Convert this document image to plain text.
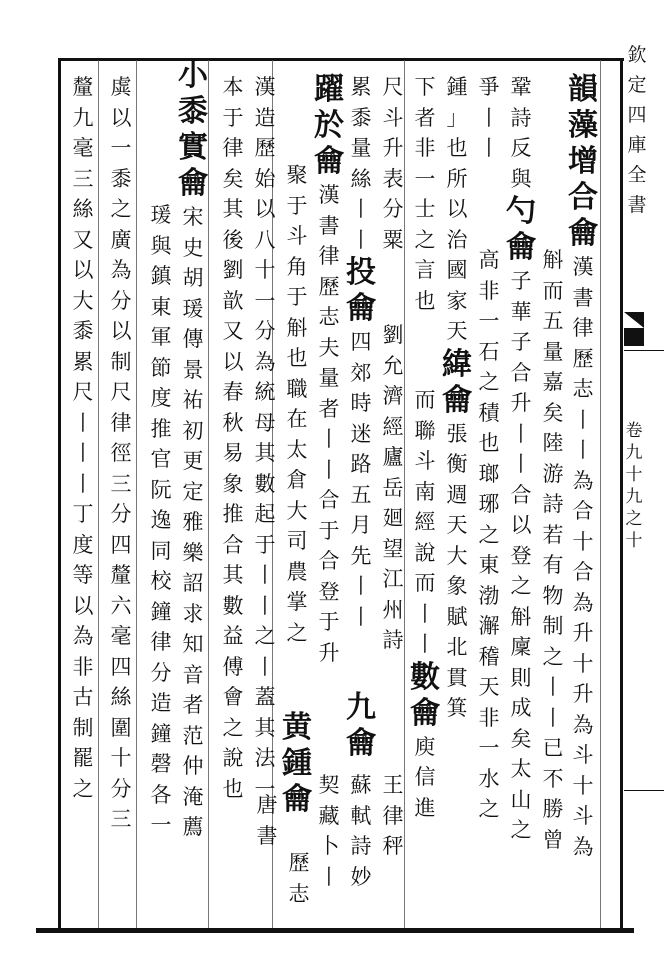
欽定四庫全書
卷九十九之十
韻
藻
增
合
龠
漢
書
律
歷
志
丨
丨
為
合
十
合
為
升
十
升
為
斗
十
斗
為
斛
而
五
量
嘉
矣
陸
游
詩
若
有
物
制
之
丨
丨
已
不
勝
曾
鞏
詩
反
與
勺
龠
子
華
子
合
升
丨
丨
合
以
登
之
斛
廩
則
成
矣
太
山
之
爭
丨
丨
高
非
一
石
之
積
也
瑯
琊
之
東
渤
澥
稽
天
非
一
水
之
鍾
」
也
所
以
治
國
家
天
緯
龠
張
衡
週
天
大
象
賦
北
貫
箕
下
者
非
一
士
之
言
也
而
聯
斗
南
經
說
而
丨
丨
數
龠
庾
信
進
尺
斗
升
表
分
粟
劉
允
濟
經
廬
岳
廻
望
江
州
詩
王
律
秤
累
黍
量
絲
丨
丨
投
龠
四
郊
時
迷
路
五
月
先
丨
丨
九
龠
躍
於
龠
漢
書
律
歷
志
夫
量
者
丨
丨
合
于
合
登
于
升
蘇
軾
詩
妙
契
藏
卜
丨
聚
于
斗
角
于
斛
也
職
在
太
倉
大
司
農
掌
之
黄
鍾
龠
漢
造
歷
始
以
八
十
一
分
為
統
母
其
數
起
于
丨
丨
之
丨
蓋
其
法
一
唐
書
歷
志
本
于
律
矣
其
後
劉
歆
又
以
春
秋
易
象
推
合
其
數
益
傅
會
之
說
也
小
黍
實
龠
宋
史
胡
瑗
傳
景
祐
初
更
定
雅
樂
詔
求
知
音
者
范
仲
淹
薦
瑗
與
鎮
東
軍
節
度
推
官
阮
逸
同
校
鐘
律
分
造
鐘
磬
各
一
虡
以
一
黍
之
廣
為
分
以
制
尺
律
徑
三
分
四
釐
六
毫
四
絲
圍
十
分
三
釐
九
毫
三
絲
又
以
大
黍
累
尺
丨
丨
丨
丁
度
等
以
為
非
古
制
罷
之
